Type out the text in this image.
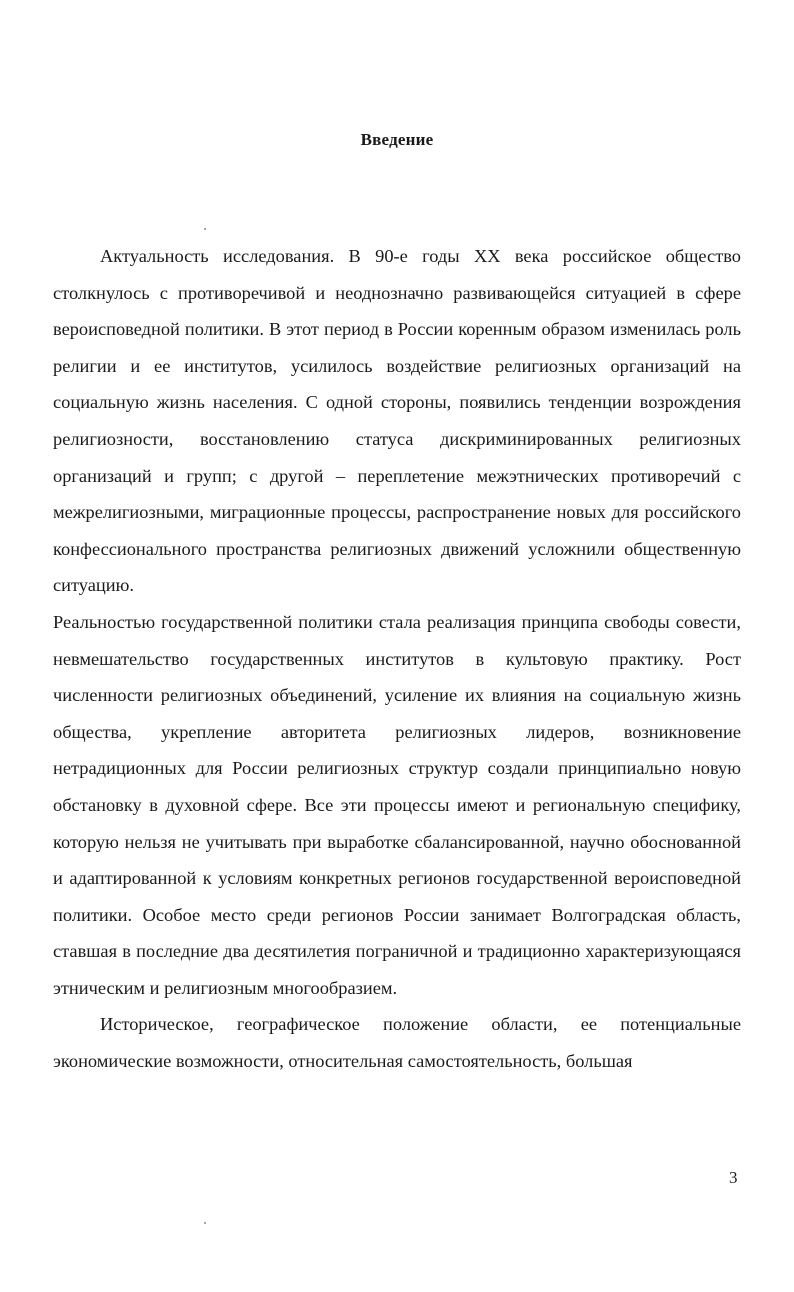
Введение

Актуальность исследования. В 90-е годы XX века российское общество столкнулось с противоречивой и неоднозначно развивающейся ситуацией в сфере вероисповедной политики. В этот период в России коренным образом изменилась роль религии и ее институтов, усилилось воздействие религиозных организаций на социальную жизнь населения. С одной стороны, появились тенденции возрождения религиозности, восстановлению статуса дискриминированных религиозных организаций и групп; с другой – переплетение межэтнических противоречий с межрелигиозными, миграционные процессы, распространение новых для российского конфессионального пространства религиозных движений усложнили общественную ситуацию.

Реальностью государственной политики стала реализация принципа свободы совести, невмешательство государственных институтов в культовую практику. Рост численности религиозных объединений, усиление их влияния на социальную жизнь общества, укрепление авторитета религиозных лидеров, возникновение нетрадиционных для России религиозных структур создали принципиально новую обстановку в духовной сфере. Все эти процессы имеют и региональную специфику, которую нельзя не учитывать при выработке сбалансированной, научно обоснованной и адаптированной к условиям конкретных регионов государственной вероисповедной политики. Особое место среди регионов России занимает Волгоградская область, ставшая в последние два десятилетия пограничной и традиционно характеризующаяся этническим и религиозным многообразием.

Историческое, географическое положение области, ее потенциальные экономические возможности, относительная самостоятельность, большая

3
